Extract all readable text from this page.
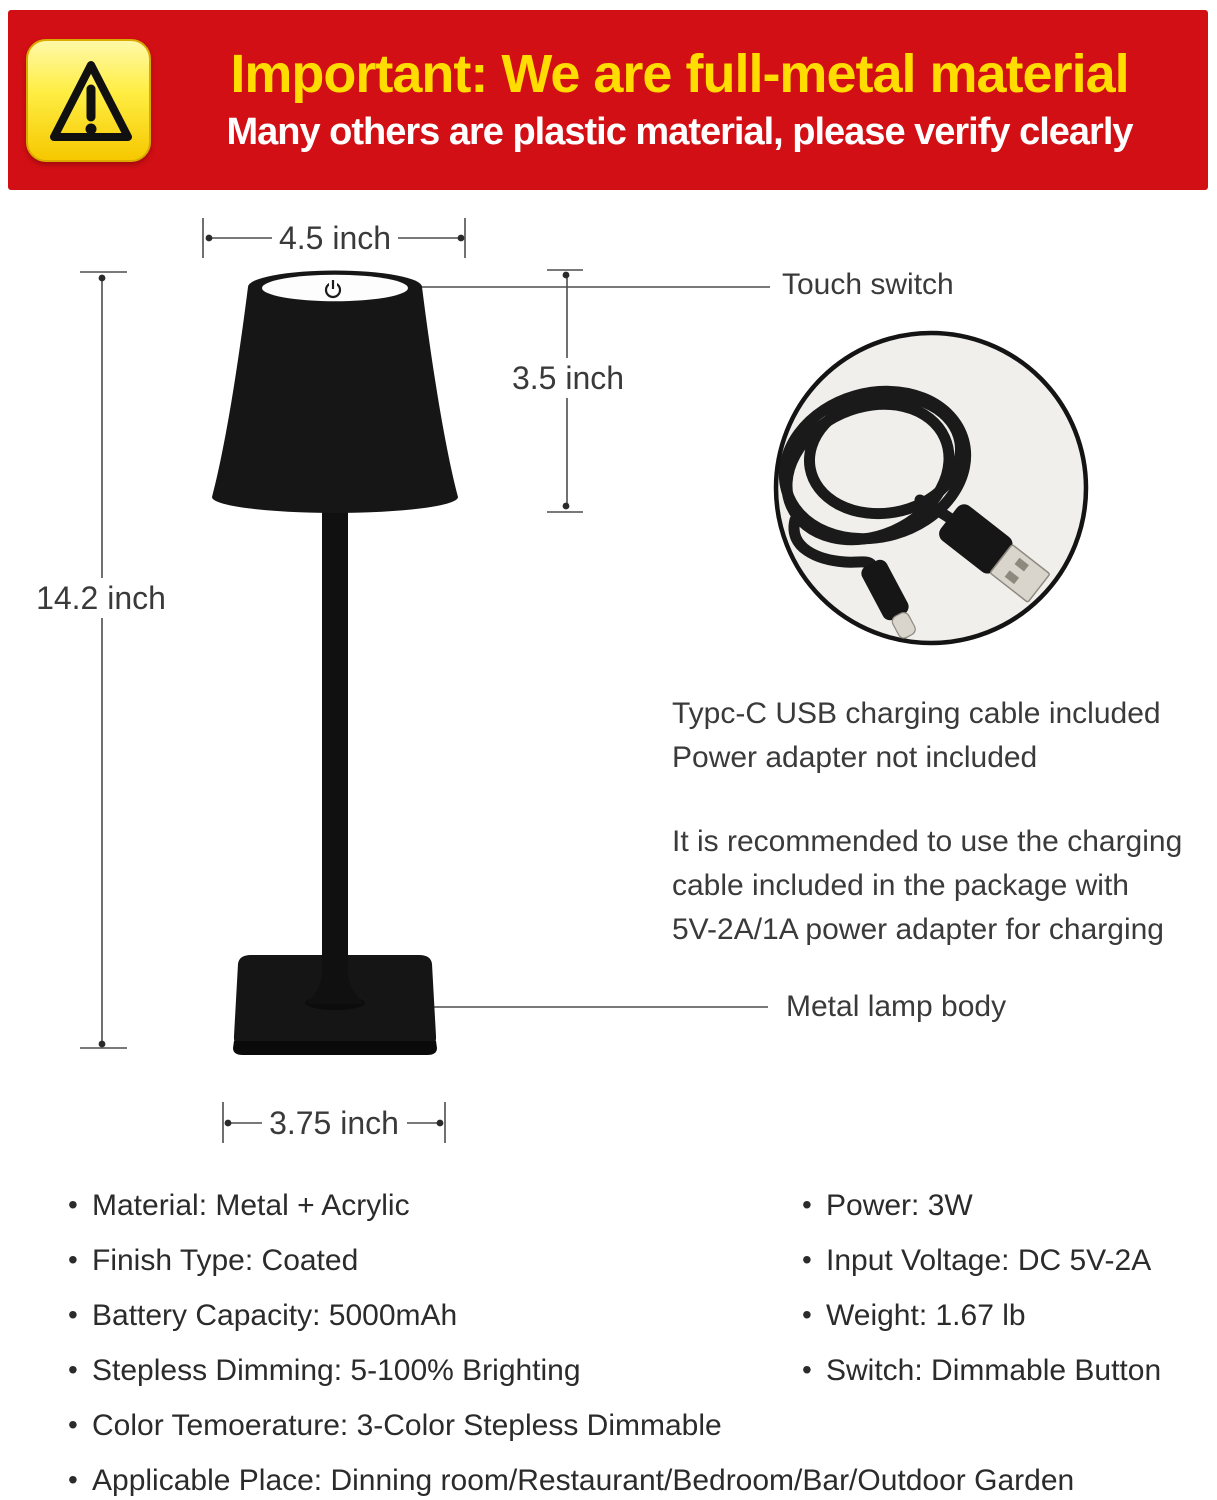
Important: We are full-metal material
Many others are plastic material, please verify clearly
4.5 inch
3.5 inch
14.2 inch
3.75 inch
Touch switch
Metal lamp body

Typc-C USB charging cable included

Power adapter not included

It is recommended to use the charging

cable included in the package with

5V-2A/1A power adapter for charging

• Material: Metal + Acrylic
• Finish Type: Coated
• Battery Capacity: 5000mAh
• Stepless Dimming: 5-100% Brighting
• Color Temoerature: 3-Color Stepless Dimmable
• Applicable Place: Dinning room/Restaurant/Bedroom/Bar/Outdoor Garden
• Power: 3W
• Input Voltage: DC 5V-2A
• Weight: 1.67 lb
• Switch: Dimmable Button
